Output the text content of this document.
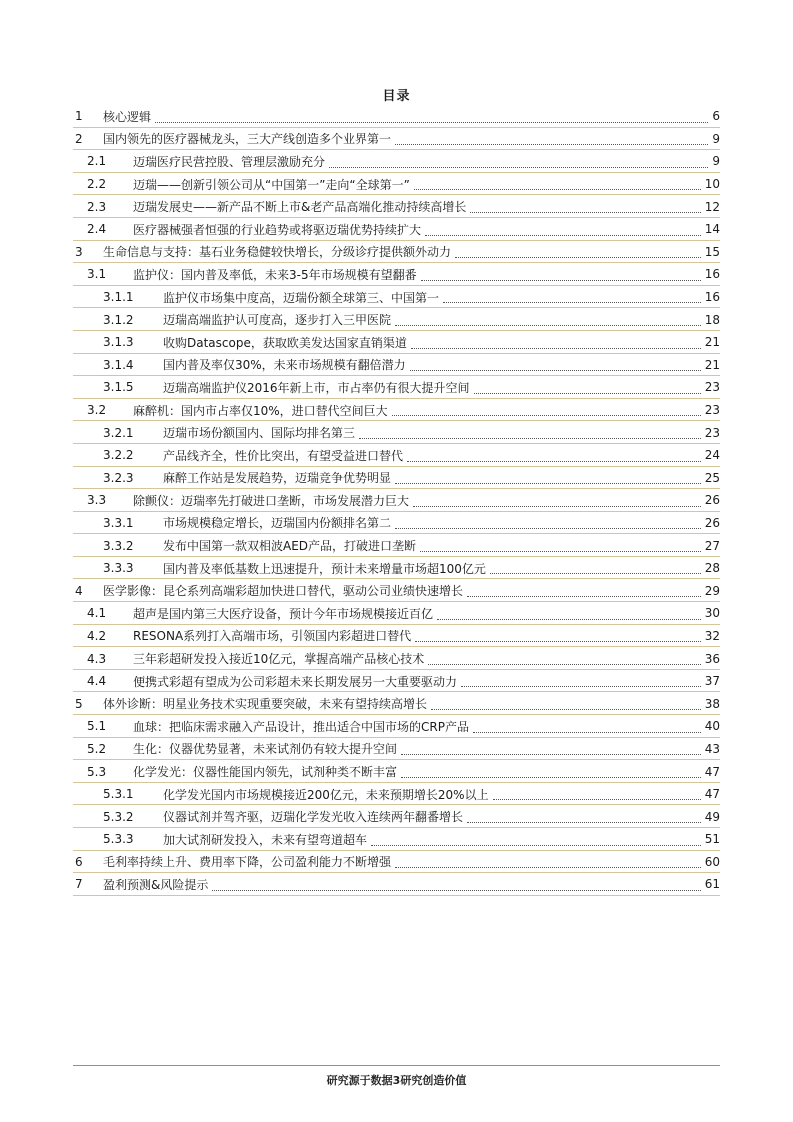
目录
1 核心逻辑	6
2 国内领先的医疗器械龙头，三大产线创造多个业界第一	9
2.1	迈瑞医疗民营控股、管理层激励充分	9
2.2	迈瑞——创新引领公司从“中国第一”走向“全球第一”	10
2.3	迈瑞发展史——新产品不断上市&老产品高端化推动持续高增长	12
2.4	医疗器械强者恒强的行业趋势或将驱迈瑞优势持续扩大	14
3 生命信息与支持：基石业务稳健较快增长，分级诊疗提供额外动力	15
3.1	监护仪：国内普及率低，未来3-5年市场规模有望翻番	16
3.1.1	监护仪市场集中度高，迈瑞份额全球第三、中国第一	16
3.1.2	迈瑞高端监护认可度高，逐步打入三甲医院	18
3.1.3	收购Datascope，获取欧美发达国家直销渠道	21
3.1.4	国内普及率仅30%，未来市场规模有翻倍潜力	21
3.1.5	迈瑞高端监护仪2016年新上市，市占率仍有很大提升空间	23
3.2	麻醉机：国内市占率仅10%，进口替代空间巨大	23
3.2.1	迈瑞市场份额国内、国际均排名第三	23
3.2.2	产品线齐全，性价比突出，有望受益进口替代	24
3.2.3	麻醉工作站是发展趋势，迈瑞竞争优势明显	25
3.3	除颤仪：迈瑞率先打破进口垄断，市场发展潜力巨大	26
3.3.1	市场规模稳定增长，迈瑞国内份额排名第二	26
3.3.2	发布中国第一款双相波AED产品，打破进口垄断	27
3.3.3	国内普及率低基数上迅速提升，预计未来增量市场超100亿元	28
4 医学影像：昆仑系列高端彩超加快进口替代，驱动公司业绩快速增长	29
4.1	超声是国内第三大医疗设备，预计今年市场规模接近百亿	30
4.2	RESONA系列打入高端市场，引领国内彩超进口替代	32
4.3	三年彩超研发投入接近10亿元，掌握高端产品核心技术	36
4.4	便携式彩超有望成为公司彩超未来长期发展另一大重要驱动力	37
5 体外诊断：明星业务技术实现重要突破，未来有望持续高增长	38
5.1	血球：把临床需求融入产品设计，推出适合中国市场的CRP产品	40
5.2	生化：仪器优势显著，未来试剂仍有较大提升空间	43
5.3	化学发光：仪器性能国内领先，试剂种类不断丰富	47
5.3.1	化学发光国内市场规模接近200亿元，未来预期增长20%以上	47
5.3.2	仪器试剂并驾齐驱，迈瑞化学发光收入连续两年翻番增长	49
5.3.3	加大试剂研发投入，未来有望弯道超车	51
6 毛利率持续上升、费用率下降，公司盈利能力不断增强	60
7 盈利预测&风险提示	61
研究源于数据3研究创造价值
